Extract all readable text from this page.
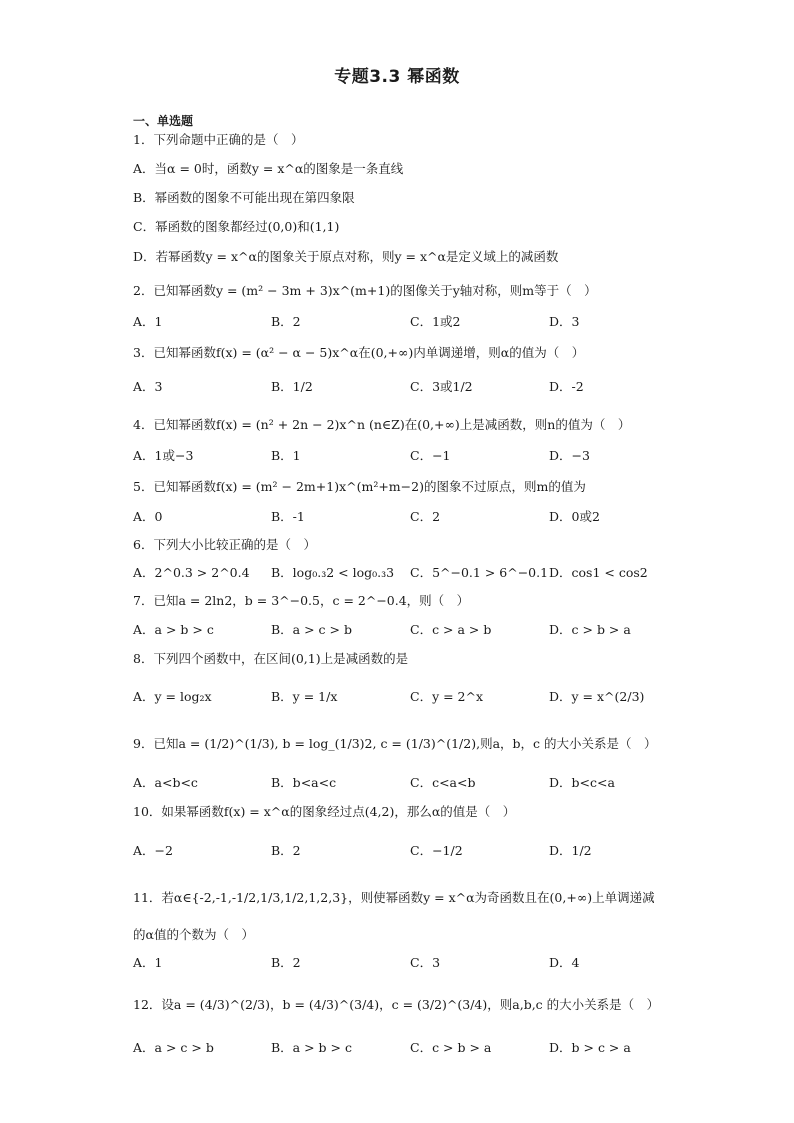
专题3.3 幂函数
一、单选题
1．下列命题中正确的是（　）
A．当α = 0时，函数y = x^α的图象是一条直线
B．幂函数的图象不可能出现在第四象限
C．幂函数的图象都经过(0,0)和(1,1)
D．若幂函数y = x^α的图象关于原点对称，则y = x^α是定义域上的减函数
2．已知幂函数y = (m² − 3m + 3)x^(m+1)的图像关于y轴对称，则m等于（　）
A．1	B．2	C．1或2	D．3
3．已知幂函数f(x) = (α² − α − 5)x^α在(0,+∞)内单调递增，则α的值为（　）
A．3	B．1/2	C．3或1/2	D．-2
4．已知幂函数f(x) = (n² + 2n − 2)x^n (n∈Z)在(0,+∞)上是减函数，则n的值为（　）
A．1或−3	B．1	C．−1	D．−3
5．已知幂函数f(x) = (m² − 2m+1)x^(m²+m−2)的图象不过原点，则m的值为
A．0	B．-1	C．2	D．0或2
6．下列大小比较正确的是（　）
A．2^0.3 > 2^0.4 B．log₀.₃2 < log₀.₃3 C．5^−0.1 > 6^−0.1 D．cos1 < cos2
7．已知a = 2ln2，b = 3^−0.5，c = 2^−0.4，则（　）
A．a > b > c	B．a > c > b	C．c > a > b	D．c > b > a
8．下列四个函数中，在区间(0,1)上是减函数的是
A．y = log₂x	B．y = 1/x	C．y = 2^x	D．y = x^(2/3)
9．已知a = (1/2)^(1/3), b = log_(1/3)2, c = (1/3)^(1/2),则a，b，c 的大小关系是（　）
A．a<b<c	B．b<a<c	C．c<a<b	D．b<c<a
10．如果幂函数f(x) = x^α的图象经过点(4,2)，那么α的值是（　）
A．−2	B．2	C．−1/2	D．1/2
11．若α∈{-2,-1,-1/2,1/3,1/2,1,2,3}，则使幂函数y = x^α为奇函数且在(0,+∞)上单调递减
的α值的个数为（　）
A．1	B．2	C．3	D．4
12．设a = (4/3)^(2/3)，b = (4/3)^(3/4)，c = (3/2)^(3/4)，则a,b,c 的大小关系是（　）
A．a > c > b	B．a > b > c	C．c > b > a	D．b > c > a
